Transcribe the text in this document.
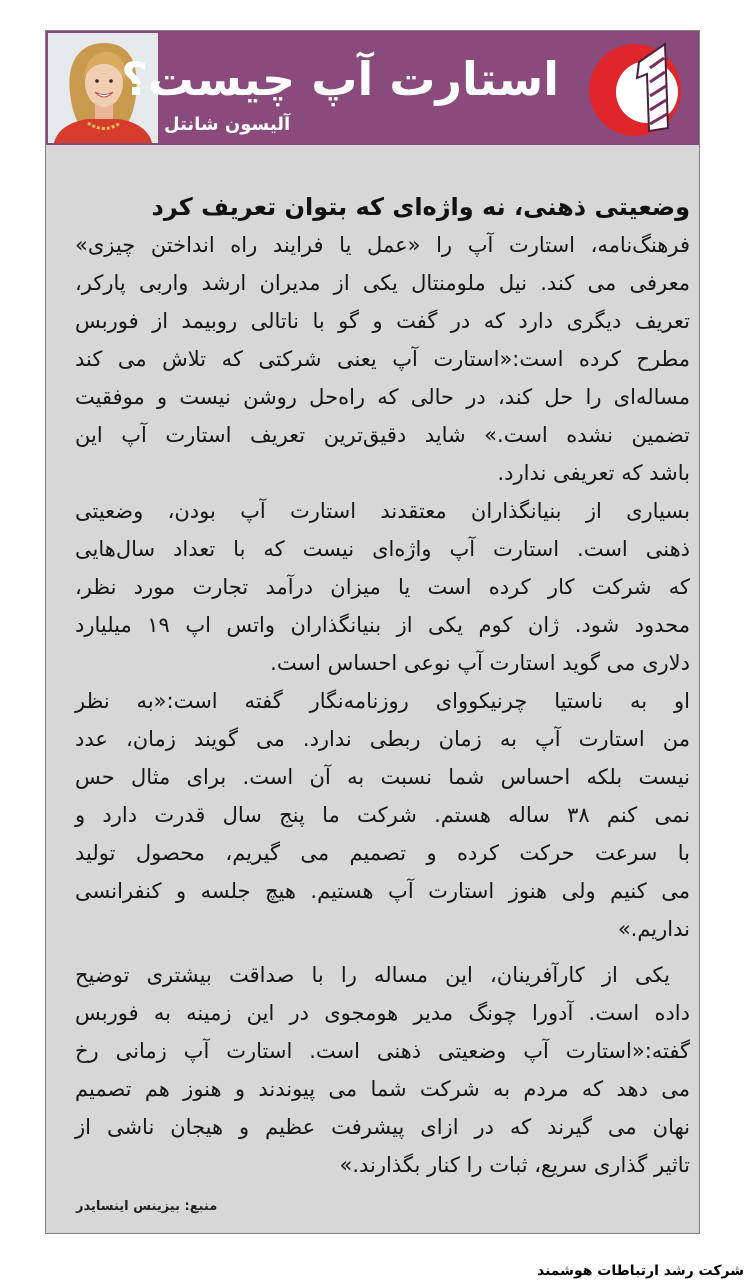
آلیسون شانتل
استارت آپ چیست؟
وضعیتی ذهنی، نه واژه‌ای که بتوان تعریف کرد
فرهنگ‌نامه، استارت آپ را «عمل یا فرایند راه انداختن چیزی»
معرفی می کند. نیل ملومنتال یکی از مدیران ارشد واربی پارکر،
تعریف دیگری دارد که در گفت و گو با ناتالی روبیمد از فوربس
مطرح کرده است:«استارت آپ یعنی شرکتی که تلاش می کند
مساله‌ای را حل کند، در حالی که راه‌حل روشن نیست و موفقیت
تضمین نشده است.» شاید دقیق‌ترین تعریف استارت آپ این
باشد که تعریفی ندارد.
بسیاری از بنیانگذاران معتقدند استارت آپ بودن، وضعیتی
ذهنی است. استارت آپ واژه‌ای نیست که با تعداد سال‌هایی
که شرکت کار کرده است یا میزان درآمد تجارت مورد نظر،
محدود شود. ژان کوم یکی از بنیانگذاران واتس اپ ۱۹ میلیارد
دلاری می گوید استارت آپ نوعی احساس است.
او به ناستیا چرنیکووای روزنامه‌نگار گفته است:«به نظر
من استارت آپ به زمان ربطی ندارد. می گویند زمان، عدد
نیست بلکه احساس شما نسبت به آن است. برای مثال حس
نمی کنم ۳۸ ساله هستم. شرکت ما پنج سال قدرت دارد و
با سرعت حرکت کرده و تصمیم می گیریم، محصول تولید
می کنیم ولی هنوز استارت آپ هستیم. هیچ جلسه و کنفرانسی
نداریم.»
یکی از کارآفرینان، این مساله را با صداقت بیشتری توضیح
داده است. آدورا چونگ مدیر هومجوی در این زمینه به فوربس
گفته:«استارت آپ وضعیتی ذهنی است. استارت آپ زمانی رخ
می دهد که مردم به شرکت شما می پیوندند و هنوز هم تصمیم
نهان می گیرند که در ازای پیشرفت عظیم و هیجان ناشی از
تاثیر گذاری سریع، ثبات را کنار بگذارند.»
منبع: بیزینس اینسایدر
شرکت رشد ارتباطات هوشمند
